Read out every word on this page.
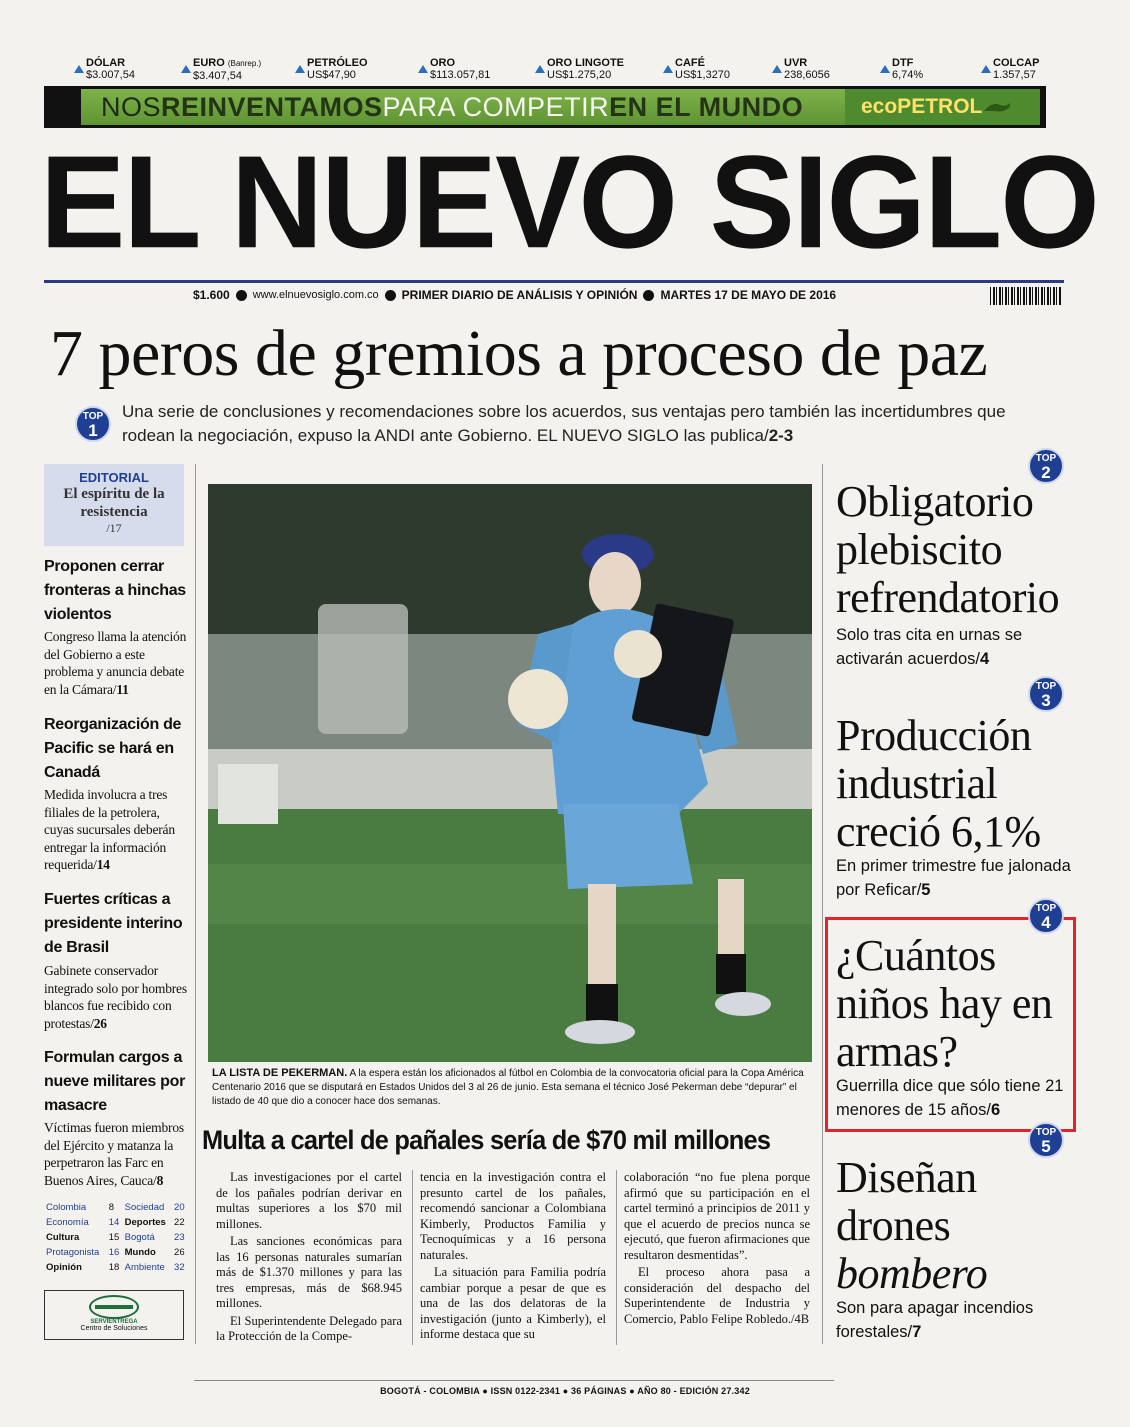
DÓLAR
$3.007,54
EURO (Banrep.)
$3.407,54
PETRÓLEO
US$47,90
ORO
$113.057,81
ORO LINGOTE
US$1.275,20
CAFÉ
US$1,3270
UVR
238,6056
DTF
6,74%
COLCAP
1.357,57
NOS REINVENTAMOS PARA COMPETIR EN EL MUNDO	ecoPETROL
EL NUEVO SIGLO
$1.600 www.elnuevosiglo.com.co PRIMER DIARIO DE ANÁLISIS Y OPINIÓN MARTES 17 DE MAYO DE 2016
7 peros de gremios a proceso de paz
TOP
1
Una serie de conclusiones y recomendaciones sobre los acuerdos, sus ventajas pero también las incertidumbres que rodean la negociación, expuso la ANDI ante Gobierno. EL NUEVO SIGLO las publica/2-3
EDITORIAL
El espíritu de la resistencia
/17
Proponen cerrar fronteras a hinchas violentos
Congreso llama la atención del Gobierno a este problema y anuncia debate en la Cámara/11
Reorganización de Pacific se hará en Canadá
Medida involucra a tres filiales de la petrolera, cuyas sucursales deberán entregar la información requerida/14
Fuertes críticas a presidente interino de Brasil
Gabinete conservador integrado solo por hombres blancos fue recibido con protestas/26
Formulan cargos a nueve militares por masacre
Víctimas fueron miembros del Ejército y matanza la perpetraron las Farc en Buenos Aires, Cauca/8
Colombia	8	Sociedad	20
Economía	14	Deportes	22
Cultura	15	Bogotá	23
Protagonista	16	Mundo	26
Opinión	18	Ambiente	32
SERVIENTREGA
Centro de Soluciones
LA LISTA DE PEKERMAN. A la espera están los aficionados al fútbol en Colombia de la convocatoria oficial para la Copa América Centenario 2016 que se disputará en Estados Unidos del 3 al 26 de junio. Esta semana el técnico José Pekerman debe “depurar” el listado de 40 que dio a conocer hace dos semanas.
Multa a cartel de pañales sería de $70 mil millones

Las investigaciones por el cartel de los pañales podrían derivar en multas superiores a los $70 mil millones.

Las sanciones económicas para las 16 personas naturales sumarían más de $1.370 millones y para las tres empresas, más de $68.945 millones.

El Superintendente Delegado para la Protección de la Compe-

tencia en la investigación contra el presunto cartel de los pañales, recomendó sancionar a Colombiana Kimberly, Productos Familia y Tecnoquímicas y a 16 persona naturales.

La situación para Familia podría cambiar porque a pesar de que es una de las dos delatoras de la investigación (junto a Kimberly), el informe destaca que su

colaboración “no fue plena porque afirmó que su participación en el cartel terminó a principios de 2011 y que el acuerdo de precios nunca se ejecutó, que fueron afirmaciones que resultaron desmentidas”.

El proceso ahora pasa a consideración del despacho del Superintendente de Industria y Comercio, Pablo Felipe Robledo./4B

TOP
2
Obligatorio plebiscito refrendatorio
Solo tras cita en urnas se activarán acuerdos/4
TOP
3
Producción industrial creció 6,1%
En primer trimestre fue jalonada por Reficar/5
TOP
4
¿Cuántos niños hay en armas?
Guerrilla dice que sólo tiene 21 menores de 15 años/6
TOP
5
Diseñan drones
bombero
Son para apagar incendios forestales/7
BOGOTÁ - COLOMBIA ● ISSN 0122-2341 ● 36 PÁGINAS ● AÑO 80 - EDICIÓN 27.342
